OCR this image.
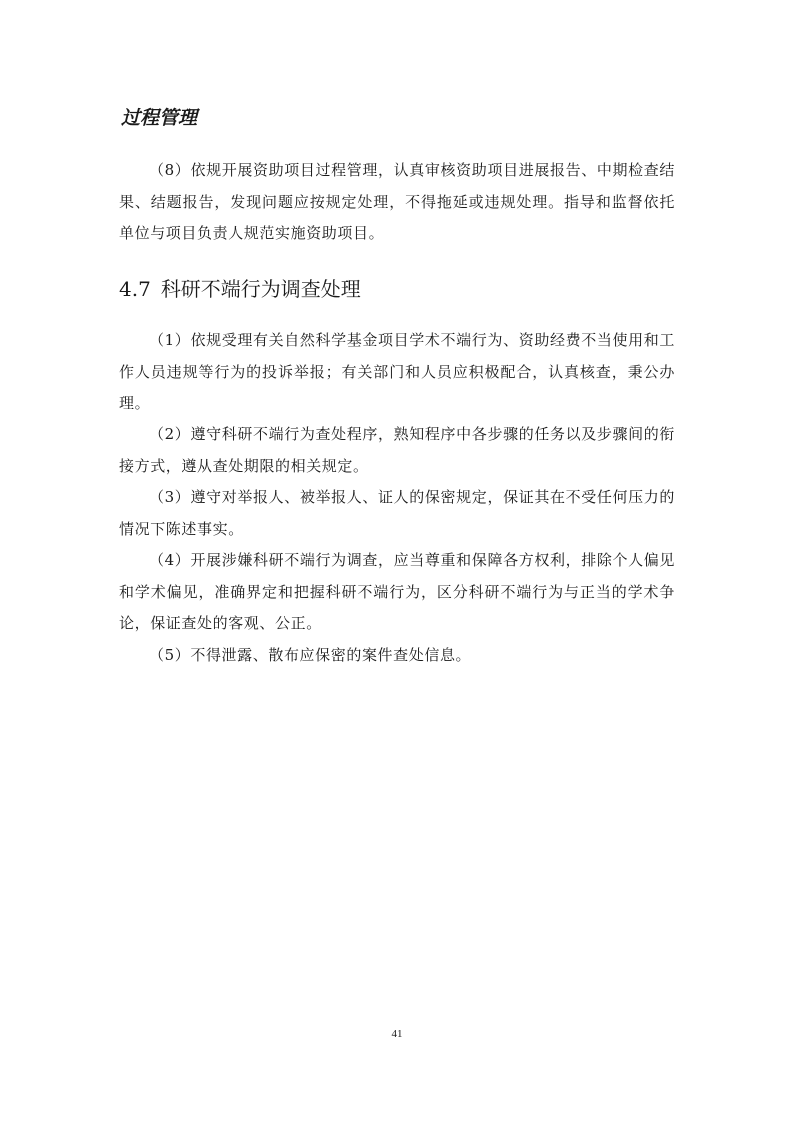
过程管理

（8）依规开展资助项目过程管理，认真审核资助项目进展报告、中期检查结果、结题报告，发现问题应按规定处理，不得拖延或违规处理。指导和监督依托单位与项目负责人规范实施资助项目。

4.7 科研不端行为调查处理

（1）依规受理有关自然科学基金项目学术不端行为、资助经费不当使用和工作人员违规等行为的投诉举报；有关部门和人员应积极配合，认真核查，秉公办理。

（2）遵守科研不端行为查处程序，熟知程序中各步骤的任务以及步骤间的衔接方式，遵从查处期限的相关规定。

（3）遵守对举报人、被举报人、证人的保密规定，保证其在不受任何压力的情况下陈述事实。

（4）开展涉嫌科研不端行为调查，应当尊重和保障各方权利，排除个人偏见和学术偏见，准确界定和把握科研不端行为，区分科研不端行为与正当的学术争论，保证查处的客观、公正。

（5）不得泄露、散布应保密的案件查处信息。

41
